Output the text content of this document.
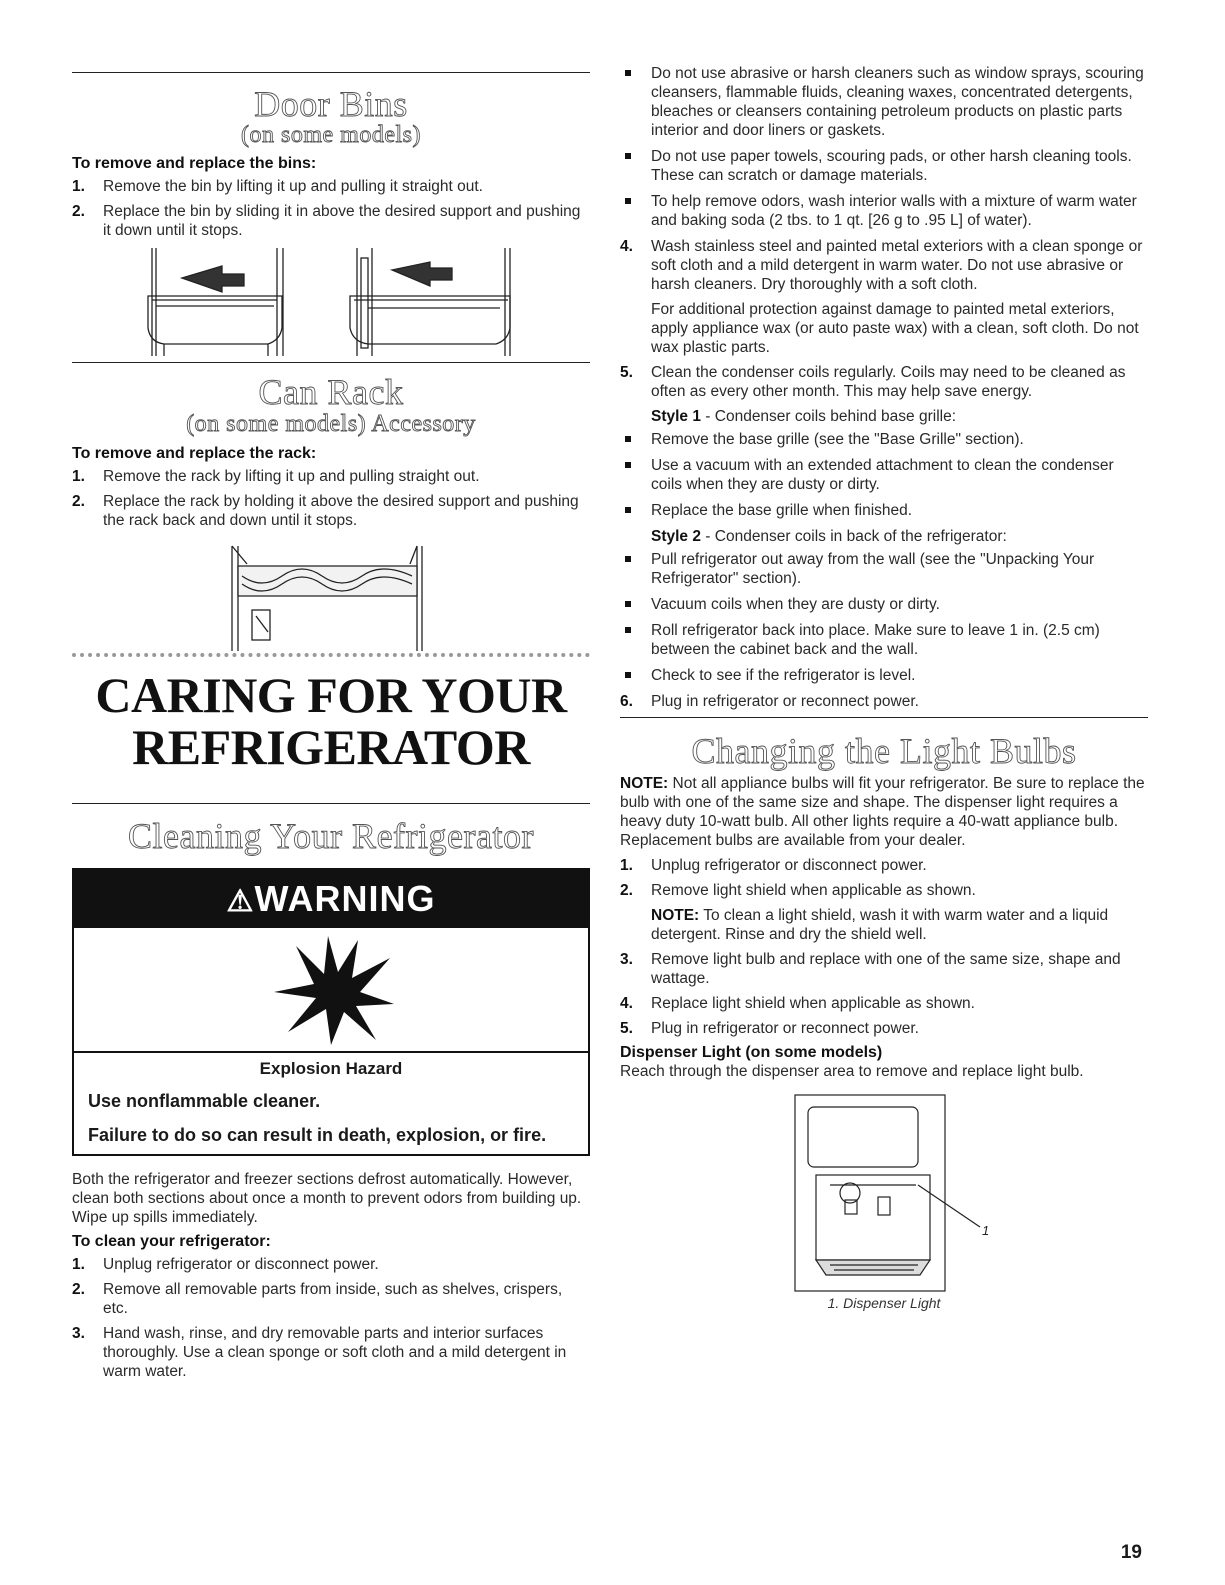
Door Bins
(on some models)
To remove and replace the bins:
1. Remove the bin by lifting it up and pulling it straight out.
2. Replace the bin by sliding it in above the desired support and pushing it down until it stops.
Can Rack
(on some models) Accessory
To remove and replace the rack:
1. Remove the rack by lifting it up and pulling straight out.
2. Replace the rack by holding it above the desired support and pushing the rack back and down until it stops.
CARING FOR YOUR
REFRIGERATOR
Cleaning Your Refrigerator
⚠WARNING
Explosion Hazard
Use nonflammable cleaner.
Failure to do so can result in death, explosion, or fire.

Both the refrigerator and freezer sections defrost automatically. However, clean both sections about once a month to prevent odors from building up. Wipe up spills immediately.

To clean your refrigerator:
1. Unplug refrigerator or disconnect power.
2. Remove all removable parts from inside, such as shelves, crispers, etc.
3. Hand wash, rinse, and dry removable parts and interior surfaces thoroughly. Use a clean sponge or soft cloth and a mild detergent in warm water.
Do not use abrasive or harsh cleaners such as window sprays, scouring cleansers, flammable fluids, cleaning waxes, concentrated detergents, bleaches or cleansers containing petroleum products on plastic parts interior and door liners or gaskets.
Do not use paper towels, scouring pads, or other harsh cleaning tools. These can scratch or damage materials.
To help remove odors, wash interior walls with a mixture of warm water and baking soda (2 tbs. to 1 qt. [26 g to .95 L] of water).
4. Wash stainless steel and painted metal exteriors with a clean sponge or soft cloth and a mild detergent in warm water. Do not use abrasive or harsh cleaners. Dry thoroughly with a soft cloth.

For additional protection against damage to painted metal exteriors, apply appliance wax (or auto paste wax) with a clean, soft cloth. Do not wax plastic parts.

5. Clean the condenser coils regularly. Coils may need to be cleaned as often as every other month. This may help save energy.

Style 1 - Condenser coils behind base grille:

Remove the base grille (see the "Base Grille" section).
Use a vacuum with an extended attachment to clean the condenser coils when they are dusty or dirty.
Replace the base grille when finished.

Style 2 - Condenser coils in back of the refrigerator:

Pull refrigerator out away from the wall (see the "Unpacking Your Refrigerator" section).
Vacuum coils when they are dusty or dirty.
Roll refrigerator back into place. Make sure to leave 1 in. (2.5 cm) between the cabinet back and the wall.
Check to see if the refrigerator is level.
6. Plug in refrigerator or reconnect power.
Changing the Light Bulbs

NOTE: Not all appliance bulbs will fit your refrigerator. Be sure to replace the bulb with one of the same size and shape. The dispenser light requires a heavy duty 10-watt bulb. All other lights require a 40-watt appliance bulb. Replacement bulbs are available from your dealer.

1. Unplug refrigerator or disconnect power.
2. Remove light shield when applicable as shown.

NOTE: To clean a light shield, wash it with warm water and a liquid detergent. Rinse and dry the shield well.

3. Remove light bulb and replace with one of the same size, shape and wattage.
4. Replace light shield when applicable as shown.
5. Plug in refrigerator or reconnect power.
Dispenser Light (on some models)

Reach through the dispenser area to remove and replace light bulb.

1
1. Dispenser Light
19
